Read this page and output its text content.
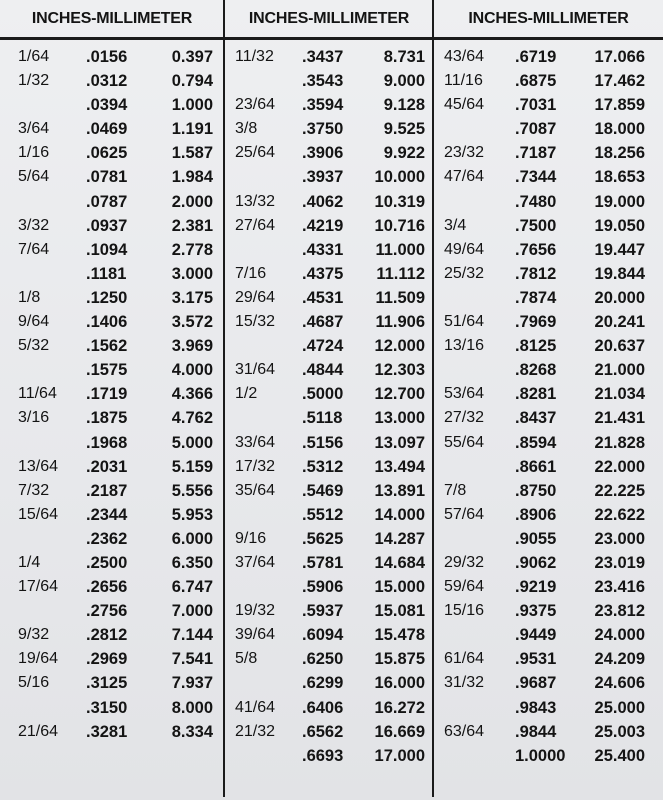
INCHES-MILLIMETER
1/64 .0156	0.397
1/32 .0312	0.794
.0394	1.000
3/64 .0469	1.191
1/16 .0625	1.587
5/64 .0781	1.984
.0787	2.000
3/32 .0937	2.381
7/64 .1094	2.778
.1181	3.000
1/8	.1250	3.175
9/64 .1406	3.572
5/32 .1562	3.969
.1575	4.000
11/64 .1719	4.366
3/16 .1875	4.762
.1968	5.000
13/64 .2031	5.159
7/32 .2187	5.556
15/64 .2344	5.953
.2362	6.000
1/4	.2500	6.350
17/64 .2656	6.747
.2756	7.000
9/32 .2812	7.144
19/64 .2969	7.541
5/16 .3125	7.937
.3150	8.000
21/64 .3281	8.334
INCHES-MILLIMETER
11/32 .3437 8.731
.3543 9.000
23/64 .3594 9.128
3/8	.3750 9.525
25/64 .3906 9.922
.3937 10.000
13/32 .4062 10.319
27/64 .4219 10.716
.4331 11.000
7/16 .4375 11.112
29/64 .4531 11.509
15/32 .4687 11.906
.4724 12.000
31/64 .4844 12.303
1/2	.5000 12.700
.5118 13.000
33/64 .5156 13.097
17/32 .5312 13.494
35/64 .5469 13.891
.5512 14.000
9/16 .5625 14.287
37/64 .5781 14.684
.5906 15.000
19/32 .5937 15.081
39/64 .6094 15.478
5/8	.6250 15.875
.6299 16.000
41/64 .6406 16.272
21/32 .6562 16.669
.6693 17.000
INCHES-MILLIMETER
43/64 .6719 17.066
11/16 .6875 17.462
45/64 .7031 17.859
.7087 18.000
23/32 .7187 18.256
47/64 .7344 18.653
.7480 19.000
3/4	.7500 19.050
49/64 .7656 19.447
25/32 .7812 19.844
.7874 20.000
51/64 .7969 20.241
13/16 .8125 20.637
.8268 21.000
53/64 .8281 21.034
27/32 .8437 21.431
55/64 .8594 21.828
.8661 22.000
7/8	.8750 22.225
57/64 .8906 22.622
.9055 23.000
29/32 .9062 23.019
59/64 .9219 23.416
15/16 .9375 23.812
.9449 24.000
61/64 .9531 24.209
31/32 .9687 24.606
.9843 25.000
63/64 .9844 25.003
1.0000 25.400
